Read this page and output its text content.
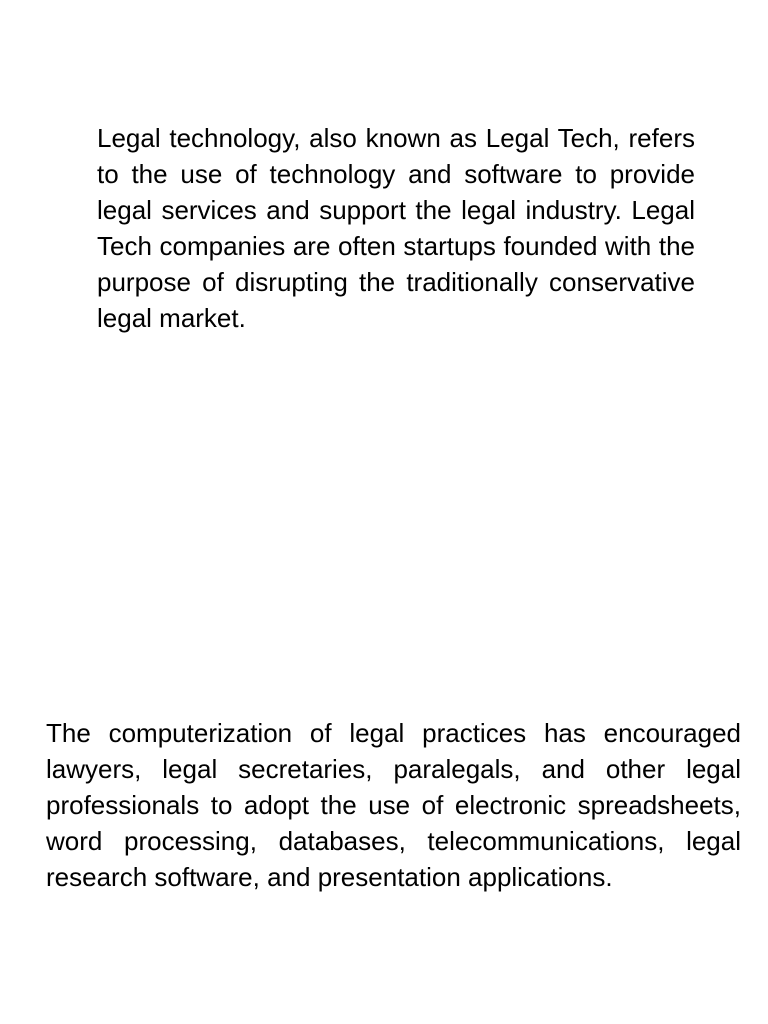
Legal technology, also known as Legal Tech, refers to the use of technology and software to provide legal services and support the legal industry. Legal Tech companies are often startups founded with the purpose of disrupting the traditionally conservative legal market.

The computerization of legal practices has encouraged lawyers, legal secretaries, paralegals, and other legal professionals to adopt the use of electronic spreadsheets, word processing, databases, telecommunications, legal research software, and presentation applications.
